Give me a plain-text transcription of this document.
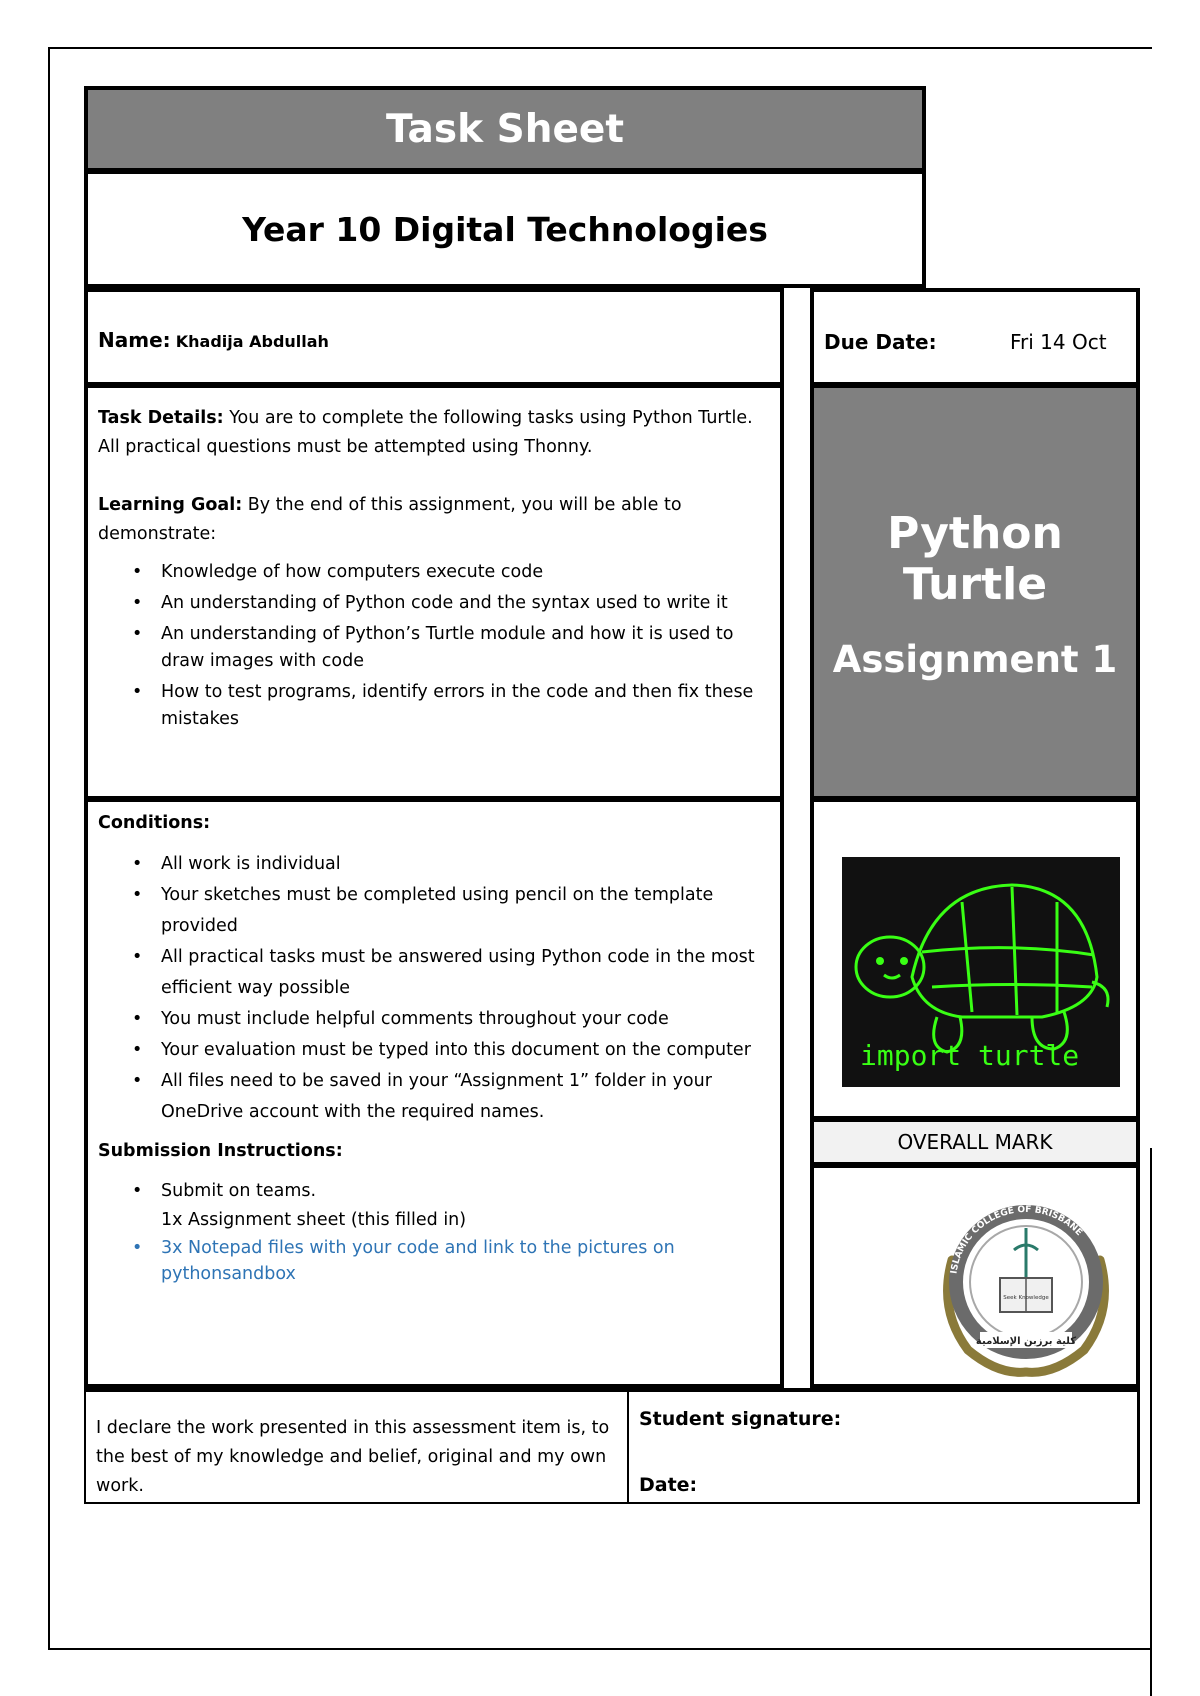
Task Sheet
Year 10 Digital Technologies
Name: Khadija Abdullah	Due Date:	Fri 14 Oct

Task Details: You are to complete the following tasks using Python Turtle. All practical questions must be attempted using Thonny.

Learning Goal: By the end of this assignment, you will be able to demonstrate:

• Knowledge of how computers execute code
• An understanding of Python code and the syntax used to write it
• An understanding of Python’s Turtle module and how it is used to draw images with code
• How to test programs, identify errors in the code and then fix these mistakes
Python Turtle
Assignment 1

Conditions:

• All work is individual
• Your sketches must be completed using pencil on the template provided
• All practical tasks must be answered using Python code in the most efficient way possible
• You must include helpful comments throughout your code
• Your evaluation must be typed into this document on the computer
• All files need to be saved in your “Assignment 1” folder in your OneDrive account with the required names.

Submission Instructions:

• Submit on teams.
1x Assignment sheet (this filled in)
• 3x Notepad files with your code and link to the pictures on pythonsandbox
import turtle
OVERALL MARK
ISLAMIC COLLEGE OF BRISBANE
Seek Knowledge
كلية برزبن الإسلامية
I declare the work presented in this assessment item is, to the best of my knowledge and belief, original and my own work.
Student signature:
Date:
